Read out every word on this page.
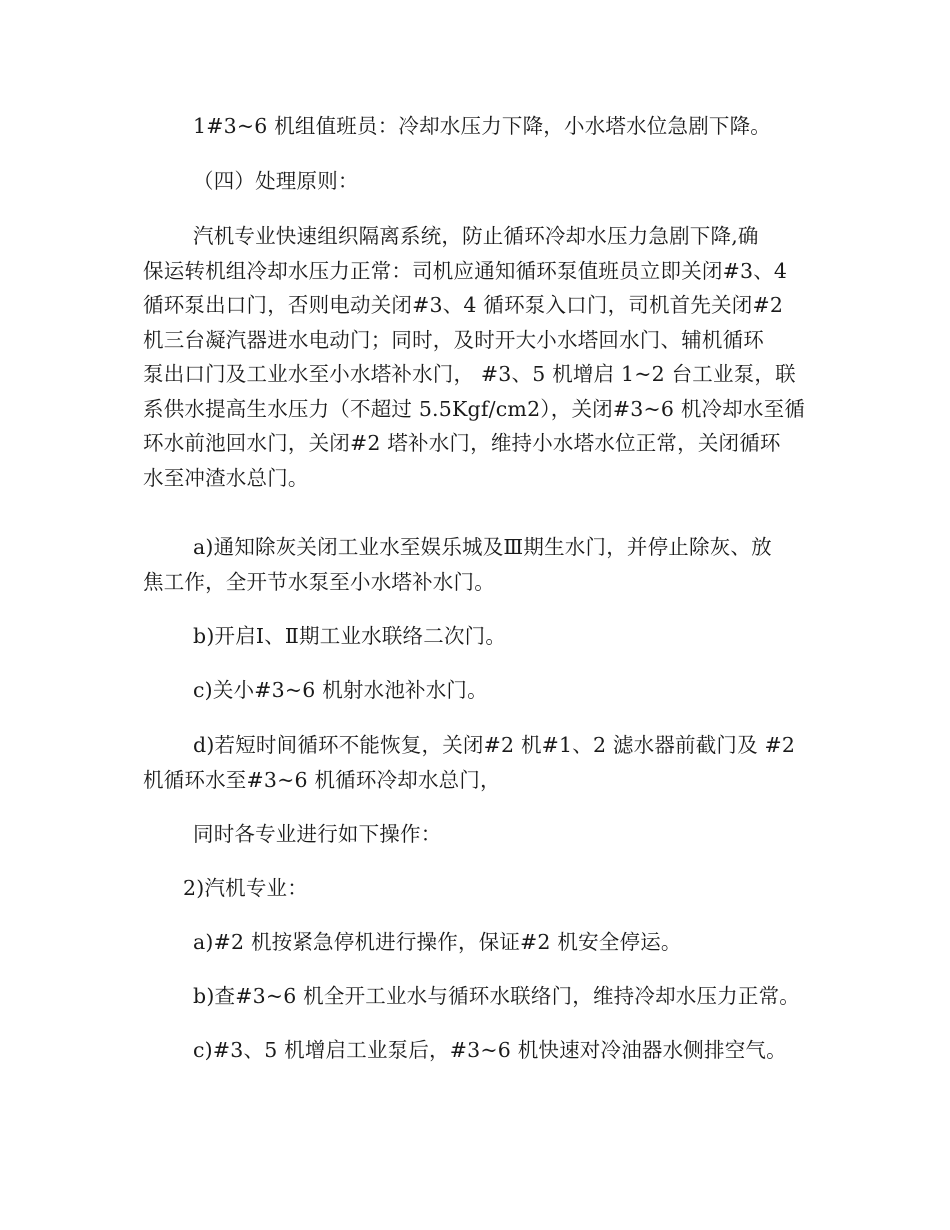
1#3~6 机组值班员：冷却水压力下降，小水塔水位急剧下降。

（四）处理原则：

汽机专业快速组织隔离系统，防止循环冷却水压力急剧下降,确
保运转机组冷却水压力正常：司机应通知循环泵值班员立即关闭#3、4
循环泵出口门，否则电动关闭#3、4 循环泵入口门，司机首先关闭#2
机三台凝汽器进水电动门；同时，及时开大小水塔回水门、辅机循环
泵出口门及工业水至小水塔补水门， #3、5 机增启 1~2 台工业泵，联
系供水提高生水压力（不超过 5.5Kgf/cm2），关闭#3~6 机冷却水至循
环水前池回水门，关闭#2 塔补水门，维持小水塔水位正常，关闭循环
水至冲渣水总门。

a)通知除灰关闭工业水至娱乐城及Ⅲ期生水门，并停止除灰、放
焦工作，全开节水泵至小水塔补水门。

b)开启Ⅰ、Ⅱ期工业水联络二次门。

c)关小#3~6 机射水池补水门。

d)若短时间循环不能恢复，关闭#2 机#1、2 滤水器前截门及 #2
机循环水至#3~6 机循环冷却水总门，

同时各专业进行如下操作：

2)汽机专业：

a)#2 机按紧急停机进行操作，保证#2 机安全停运。

b)查#3~6 机全开工业水与循环水联络门，维持冷却水压力正常。

c)#3、5 机增启工业泵后，#3~6 机快速对冷油器水侧排空气。
